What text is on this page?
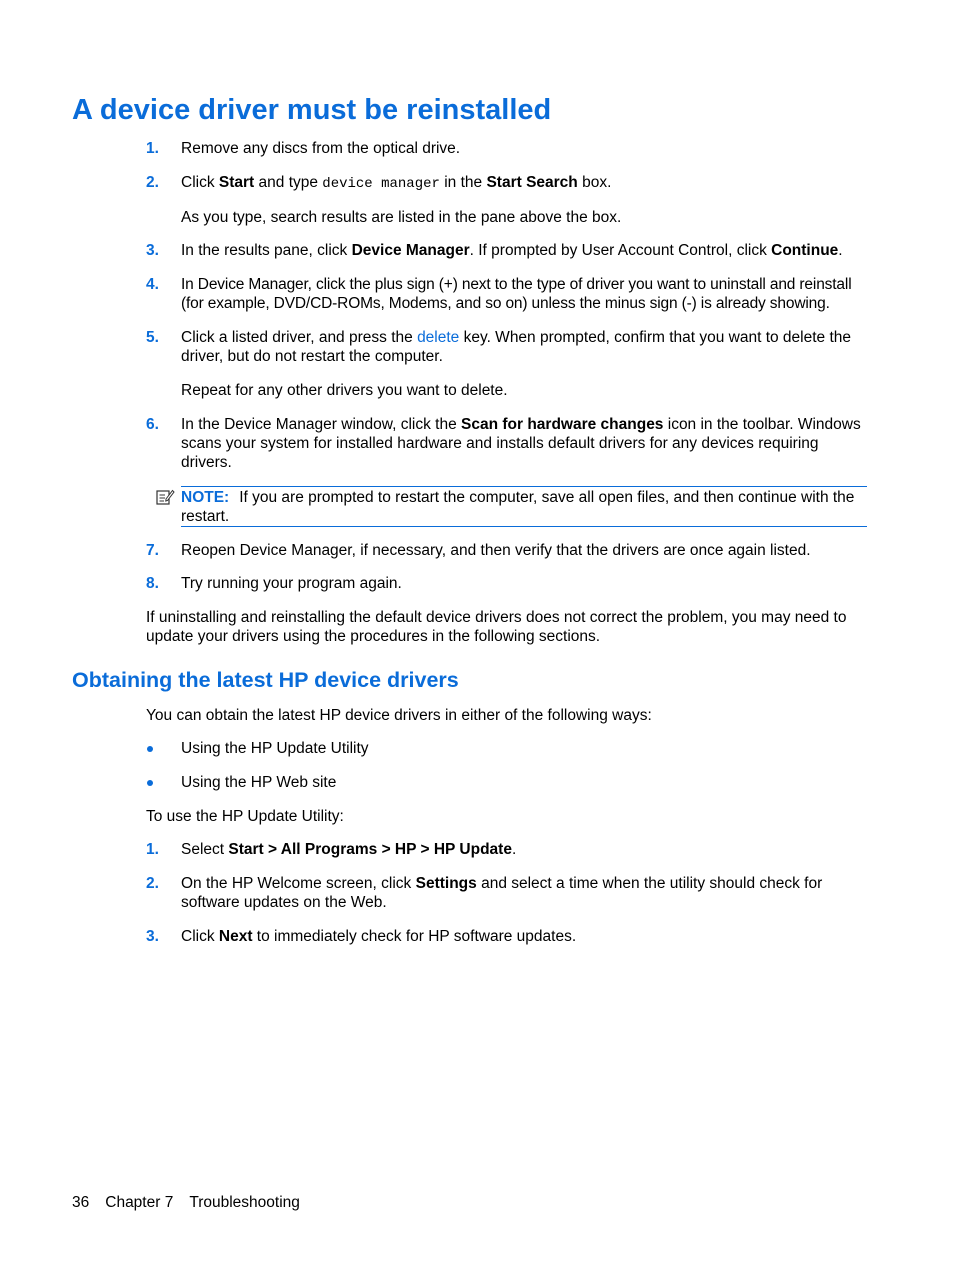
A device driver must be reinstalled
1. Remove any discs from the optical drive.
2. Click Start and type device manager in the Start Search box.
As you type, search results are listed in the pane above the box.
3. In the results pane, click Device Manager. If prompted by User Account Control, click Continue.
4. In Device Manager, click the plus sign (+) next to the type of driver you want to uninstall and reinstall (for example, DVD/CD-ROMs, Modems, and so on) unless the minus sign (-) is already showing.
5. Click a listed driver, and press the delete key. When prompted, confirm that you want to delete the driver, but do not restart the computer.
Repeat for any other drivers you want to delete.
6. In the Device Manager window, click the Scan for hardware changes icon in the toolbar. Windows scans your system for installed hardware and installs default drivers for any devices requiring drivers.
NOTE: If you are prompted to restart the computer, save all open files, and then continue with the restart.
7. Reopen Device Manager, if necessary, and then verify that the drivers are once again listed.
8. Try running your program again.
If uninstalling and reinstalling the default device drivers does not correct the problem, you may need to update your drivers using the procedures in the following sections.
Obtaining the latest HP device drivers
You can obtain the latest HP device drivers in either of the following ways:
Using the HP Update Utility
Using the HP Web site
To use the HP Update Utility:
1. Select Start > All Programs > HP > HP Update.
2. On the HP Welcome screen, click Settings and select a time when the utility should check for software updates on the Web.
3. Click Next to immediately check for HP software updates.
36 Chapter 7 Troubleshooting
